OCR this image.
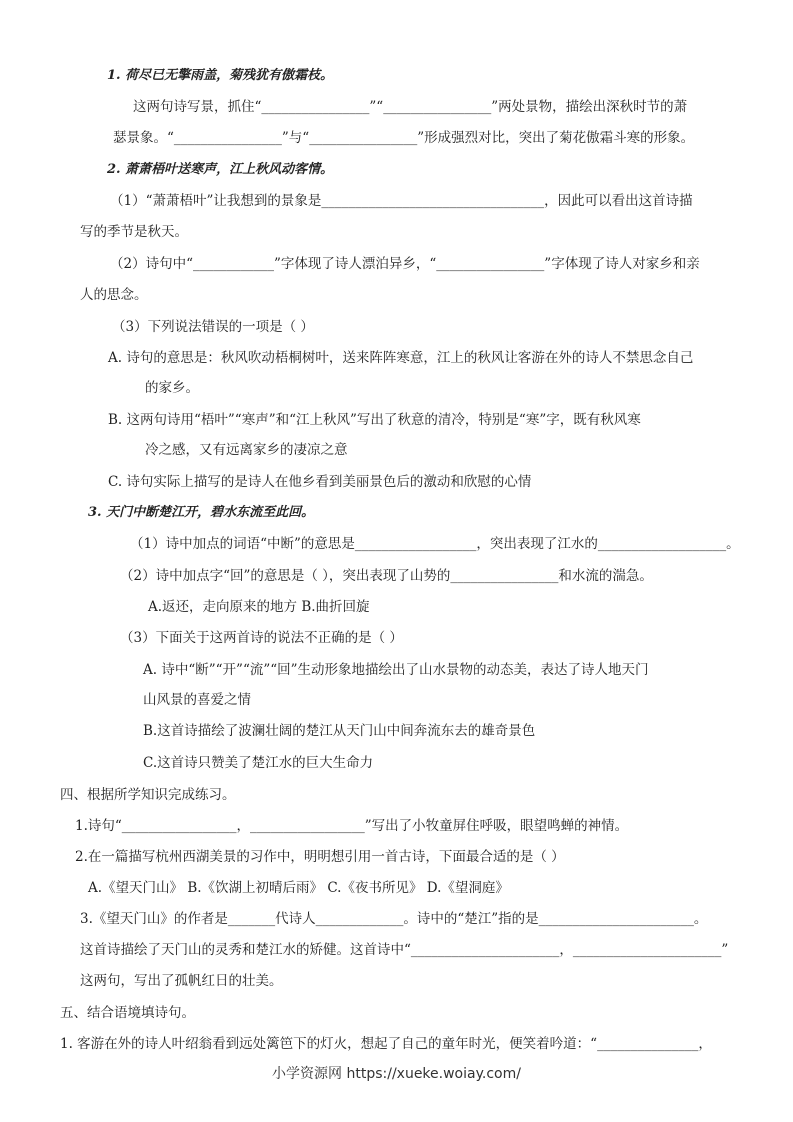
1. 荷尽已无擎雨盖，菊残犹有傲霜枝。
这两句诗写景，抓住“________________”“________________”两处景物，描绘出深秋时节的萧
瑟景象。“________________”与“________________”形成强烈对比，突出了菊花傲霜斗寒的形象。
2. 萧萧梧叶送寒声，江上秋风动客情。
（1）“萧萧梧叶”让我想到的景象是_________________________________，因此可以看出这首诗描
写的季节是秋天。
（2）诗句中“____________”字体现了诗人漂泊异乡，“________________”字体现了诗人对家乡和亲
人的思念。
（3）下列说法错误的一项是（ ）
A. 诗句的意思是：秋风吹动梧桐树叶，送来阵阵寒意，江上的秋风让客游在外的诗人不禁思念自己
的家乡。
B. 这两句诗用“梧叶”“寒声”和“江上秋风”写出了秋意的清冷，特别是“寒”字，既有秋风寒
冷之感，又有远离家乡的凄凉之意
C. 诗句实际上描写的是诗人在他乡看到美丽景色后的激动和欣慰的心情
3. 天门中断楚江开，碧水东流至此回。
（1）诗中加点的词语“中断”的意思是__________________，突出表现了江水的___________________。
（2）诗中加点字“回”的意思是（ ），突出表现了山势的________________和水流的湍急。
A.返还，走向原来的地方 B.曲折回旋
（3）下面关于这两首诗的说法不正确的是（ ）
A. 诗中“断”“开”“流”“回”生动形象地描绘出了山水景物的动态美，表达了诗人地天门
山风景的喜爱之情
B.这首诗描绘了波澜壮阔的楚江从天门山中间奔流东去的雄奇景色
C.这首诗只赞美了楚江水的巨大生命力
四、根据所学知识完成练习。
1.诗句“_________________，_________________”写出了小牧童屏住呼吸，眼望鸣蝉的神情。
2.在一篇描写杭州西湖美景的习作中，明明想引用一首古诗，下面最合适的是（ ）
A.《望天门山》 B.《饮湖上初晴后雨》 C.《夜书所见》 D.《望洞庭》
3.《望天门山》的作者是_______代诗人_____________。诗中的“楚江”指的是_______________________。
这首诗描绘了天门山的灵秀和楚江水的矫健。这首诗中“______________________，______________________”
这两句，写出了孤帆红日的壮美。
五、结合语境填诗句。
1. 客游在外的诗人叶绍翁看到远处篱笆下的灯火，想起了自己的童年时光，便笑着吟道：“_______________，
小学资源网 https://xueke.woiay.com/
